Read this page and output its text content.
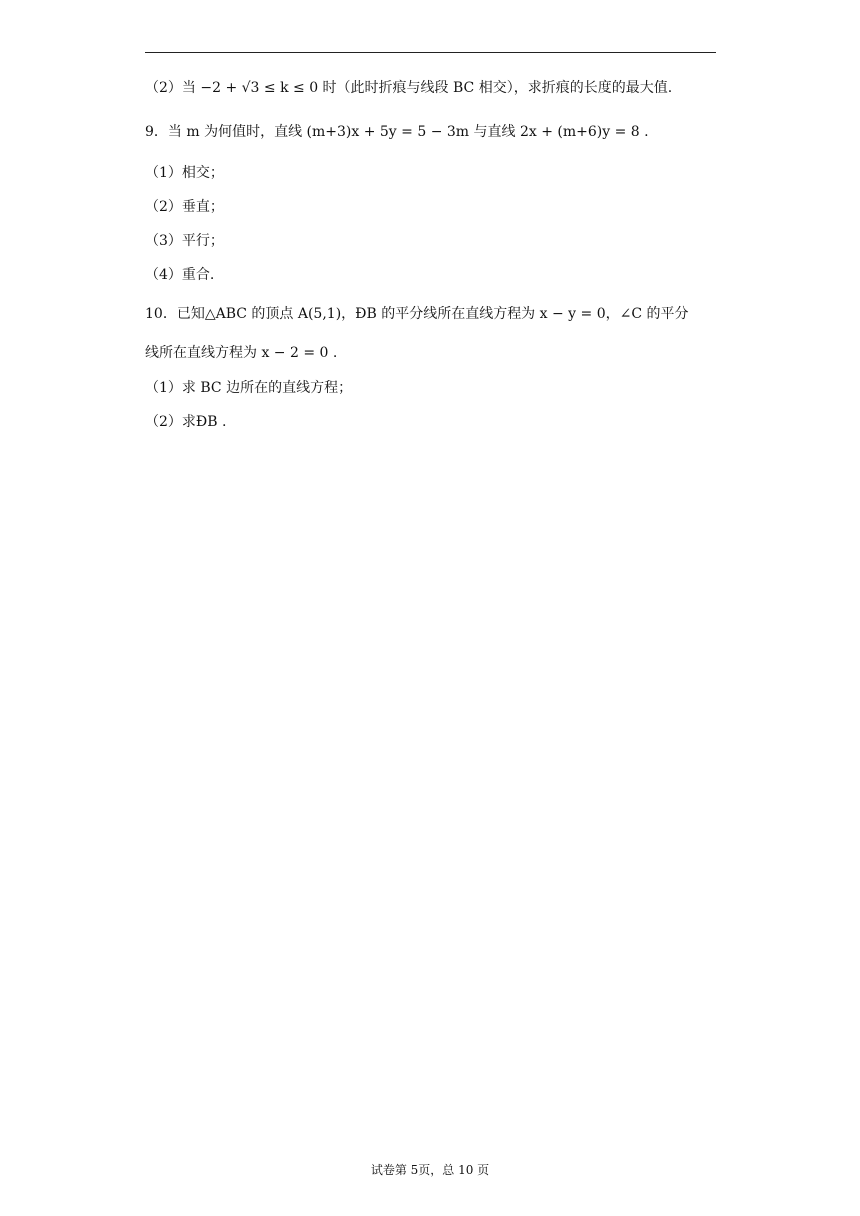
（2）当 −2 + √3 ≤ k ≤ 0 时（此时折痕与线段 BC 相交），求折痕的长度的最大值.
9．当 m 为何值时，直线 (m+3)x + 5y = 5 − 3m 与直线 2x + (m+6)y = 8 .
（1）相交；
（2）垂直；
（3）平行；
（4）重合.
10．已知△ABC 的顶点 A(5,1)，ÐB 的平分线所在直线方程为 x − y = 0，∠C 的平分
线所在直线方程为 x − 2 = 0 .
（1）求 BC 边所在的直线方程；
（2）求ÐB .
试卷第 5页，总 10 页
